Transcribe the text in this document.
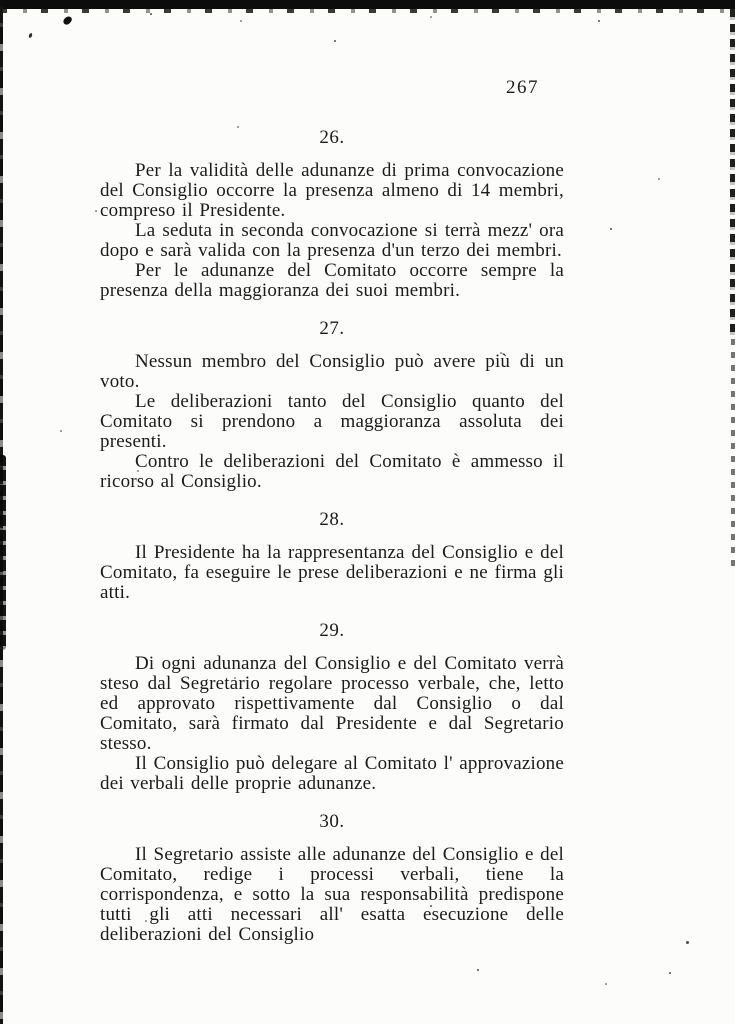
267
26.

Per la validità delle adunanze di prima convocazione del Consiglio occorre la presenza almeno di 14 membri, compreso il Presidente.

La seduta in seconda convocazione si terrà mezz' ora dopo e sarà valida con la presenza d'un terzo dei membri.

Per le adunanze del Comitato occorre sempre la presenza della maggioranza dei suoi membri.

27.

Nessun membro del Consiglio può avere più di un voto.

Le deliberazioni tanto del Consiglio quanto del Comitato si prendono a maggioranza assoluta dei presenti.

Contro le deliberazioni del Comitato è ammesso il ricorso al Consiglio.

28.

Il Presidente ha la rappresentanza del Consiglio e del Comitato, fa eseguire le prese deliberazioni e ne firma gli atti.

29.

Di ogni adunanza del Consiglio e del Comitato verrà steso dal Segretario regolare processo verbale, che, letto ed approvato rispettivamente dal Consiglio o dal Comitato, sarà firmato dal Presidente e dal Segretario stesso.

Il Consiglio può delegare al Comitato l' approvazione dei verbali delle proprie adunanze.

30.

Il Segretario assiste alle adunanze del Consiglio e del Comitato, redige i processi verbali, tiene la corrispondenza, e sotto la sua responsabilità predispone tutti gli atti necessari all' esatta esecuzione delle deliberazioni del Consiglio
